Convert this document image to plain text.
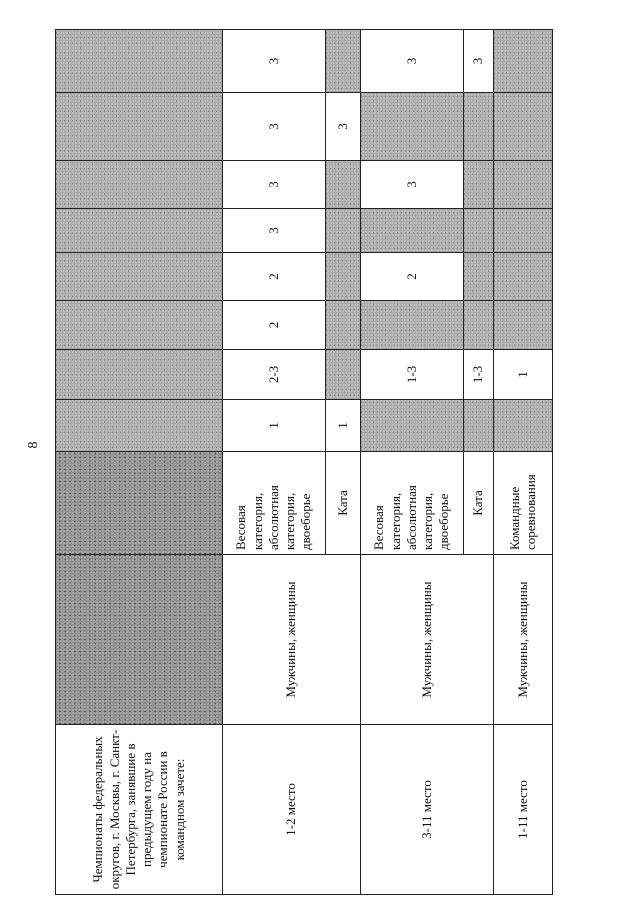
8
Чемпионаты федеральных округов, г. Москвы, г. Санкт-Петербурга, занявшие в предыдущем году на чемпионате России в командном зачете:										
1-2 место	Мужчины, женщины	Весовая категория, абсолютная категория, двоеборье	1	2-3	2	2	3	3	3	3
		Ката	1						3	
3-11 место	Мужчины, женщины	Весовая категория, абсолютная категория, двоеборье		1-3		2		3		3
		Ката		1-3						3
1-11 место	Мужчины, женщины	Командные соревнования		1						
